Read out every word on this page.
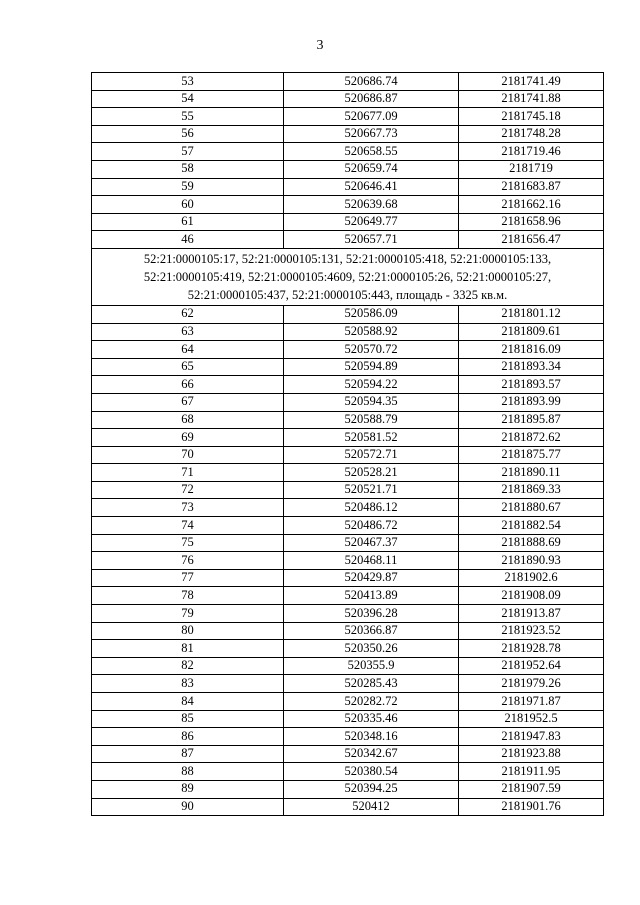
3
53	520686.74	2181741.49
54	520686.87	2181741.88
55	520677.09	2181745.18
56	520667.73	2181748.28
57	520658.55	2181719.46
58	520659.74	2181719
59	520646.41	2181683.87
60	520639.68	2181662.16
61	520649.77	2181658.96
46	520657.71	2181656.47
52:21:0000105:17, 52:21:0000105:131, 52:21:0000105:418, 52:21:0000105:133, 52:21:0000105:419, 52:21:0000105:4609, 52:21:0000105:26, 52:21:0000105:27, 52:21:0000105:437, 52:21:0000105:443, площадь - 3325 кв.м.		
62	520586.09	2181801.12
63	520588.92	2181809.61
64	520570.72	2181816.09
65	520594.89	2181893.34
66	520594.22	2181893.57
67	520594.35	2181893.99
68	520588.79	2181895.87
69	520581.52	2181872.62
70	520572.71	2181875.77
71	520528.21	2181890.11
72	520521.71	2181869.33
73	520486.12	2181880.67
74	520486.72	2181882.54
75	520467.37	2181888.69
76	520468.11	2181890.93
77	520429.87	2181902.6
78	520413.89	2181908.09
79	520396.28	2181913.87
80	520366.87	2181923.52
81	520350.26	2181928.78
82	520355.9	2181952.64
83	520285.43	2181979.26
84	520282.72	2181971.87
85	520335.46	2181952.5
86	520348.16	2181947.83
87	520342.67	2181923.88
88	520380.54	2181911.95
89	520394.25	2181907.59
90	520412	2181901.76
